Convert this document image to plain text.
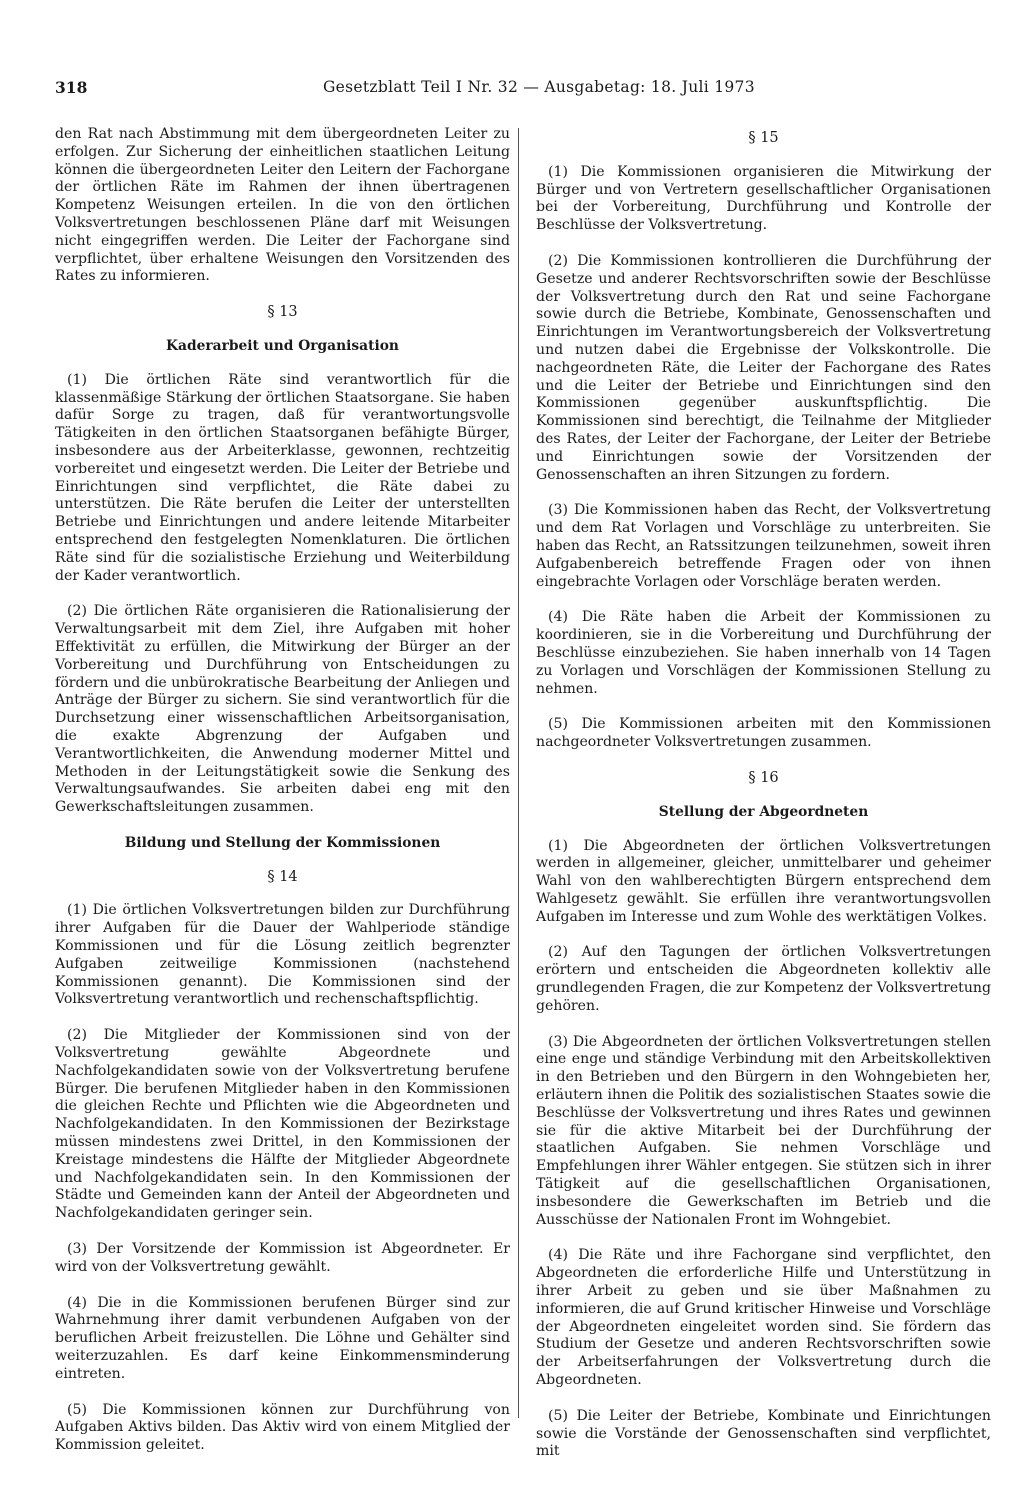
318	Gesetzblatt Teil I Nr. 32 — Ausgabetag: 18. Juli 1973

den Rat nach Abstimmung mit dem übergeordneten Leiter zu erfolgen. Zur Sicherung der einheitlichen staatlichen Leitung können die übergeordneten Leiter den Leitern der Fachorgane der örtlichen Räte im Rahmen der ihnen übertragenen Kompetenz Weisungen erteilen. In die von den örtlichen Volksvertretungen beschlossenen Pläne darf mit Weisungen nicht eingegriffen werden. Die Leiter der Fachorgane sind verpflichtet, über erhaltene Weisungen den Vorsitzenden des Rates zu informieren.

§ 13
Kaderarbeit und Organisation

(1) Die örtlichen Räte sind verantwortlich für die klassenmäßige Stärkung der örtlichen Staatsorgane. Sie haben dafür Sorge zu tragen, daß für verantwortungsvolle Tätigkeiten in den örtlichen Staatsorganen befähigte Bürger, insbesondere aus der Arbeiterklasse, gewonnen, rechtzeitig vorbereitet und eingesetzt werden. Die Leiter der Betriebe und Einrichtungen sind verpflichtet, die Räte dabei zu unterstützen. Die Räte berufen die Leiter der unterstellten Betriebe und Einrichtungen und andere leitende Mitarbeiter entsprechend den festgelegten Nomenklaturen. Die örtlichen Räte sind für die sozialistische Erziehung und Weiterbildung der Kader verantwortlich.

(2) Die örtlichen Räte organisieren die Rationalisierung der Verwaltungsarbeit mit dem Ziel, ihre Aufgaben mit hoher Effektivität zu erfüllen, die Mitwirkung der Bürger an der Vorbereitung und Durchführung von Entscheidungen zu fördern und die unbürokratische Bearbeitung der Anliegen und Anträge der Bürger zu sichern. Sie sind verantwortlich für die Durchsetzung einer wissenschaftlichen Arbeitsorganisation, die exakte Abgrenzung der Aufgaben und Verantwortlichkeiten, die Anwendung moderner Mittel und Methoden in der Leitungstätigkeit sowie die Senkung des Verwaltungsaufwandes. Sie arbeiten dabei eng mit den Gewerkschaftsleitungen zusammen.

Bildung und Stellung der Kommissionen
§ 14

(1) Die örtlichen Volksvertretungen bilden zur Durchführung ihrer Aufgaben für die Dauer der Wahlperiode ständige Kommissionen und für die Lösung zeitlich begrenzter Aufgaben zeitweilige Kommissionen (nachstehend Kommissionen genannt). Die Kommissionen sind der Volksvertretung verantwortlich und rechenschaftspflichtig.

(2) Die Mitglieder der Kommissionen sind von der Volksvertretung gewählte Abgeordnete und Nachfolgekandidaten sowie von der Volksvertretung berufene Bürger. Die berufenen Mitglieder haben in den Kommissionen die gleichen Rechte und Pflichten wie die Abgeordneten und Nachfolgekandidaten. In den Kommissionen der Bezirkstage müssen mindestens zwei Drittel, in den Kommissionen der Kreistage mindestens die Hälfte der Mitglieder Abgeordnete und Nachfolgekandidaten sein. In den Kommissionen der Städte und Gemeinden kann der Anteil der Abgeordneten und Nachfolgekandidaten geringer sein.

(3) Der Vorsitzende der Kommission ist Abgeordneter. Er wird von der Volksvertretung gewählt.

(4) Die in die Kommissionen berufenen Bürger sind zur Wahrnehmung ihrer damit verbundenen Aufgaben von der beruflichen Arbeit freizustellen. Die Löhne und Gehälter sind weiterzuzahlen. Es darf keine Einkommensminderung eintreten.

(5) Die Kommissionen können zur Durchführung von Aufgaben Aktivs bilden. Das Aktiv wird von einem Mitglied der Kommission geleitet.

§ 15

(1) Die Kommissionen organisieren die Mitwirkung der Bürger und von Vertretern gesellschaftlicher Organisationen bei der Vorbereitung, Durchführung und Kontrolle der Beschlüsse der Volksvertretung.

(2) Die Kommissionen kontrollieren die Durchführung der Gesetze und anderer Rechtsvorschriften sowie der Beschlüsse der Volksvertretung durch den Rat und seine Fachorgane sowie durch die Betriebe, Kombinate, Genossenschaften und Einrichtungen im Verantwortungsbereich der Volksvertretung und nutzen dabei die Ergebnisse der Volkskontrolle. Die nachgeordneten Räte, die Leiter der Fachorgane des Rates und die Leiter der Betriebe und Einrichtungen sind den Kommissionen gegenüber auskunftspflichtig. Die Kommissionen sind berechtigt, die Teilnahme der Mitglieder des Rates, der Leiter der Fachorgane, der Leiter der Betriebe und Einrichtungen sowie der Vorsitzenden der Genossenschaften an ihren Sitzungen zu fordern.

(3) Die Kommissionen haben das Recht, der Volksvertretung und dem Rat Vorlagen und Vorschläge zu unterbreiten. Sie haben das Recht, an Ratssitzungen teilzunehmen, soweit ihren Aufgabenbereich betreffende Fragen oder von ihnen eingebrachte Vorlagen oder Vorschläge beraten werden.

(4) Die Räte haben die Arbeit der Kommissionen zu koordinieren, sie in die Vorbereitung und Durchführung der Beschlüsse einzubeziehen. Sie haben innerhalb von 14 Tagen zu Vorlagen und Vorschlägen der Kommissionen Stellung zu nehmen.

(5) Die Kommissionen arbeiten mit den Kommissionen nachgeordneter Volksvertretungen zusammen.

§ 16
Stellung der Abgeordneten

(1) Die Abgeordneten der örtlichen Volksvertretungen werden in allgemeiner, gleicher, unmittelbarer und geheimer Wahl von den wahlberechtigten Bürgern entsprechend dem Wahlgesetz gewählt. Sie erfüllen ihre verantwortungsvollen Aufgaben im Interesse und zum Wohle des werktätigen Volkes.

(2) Auf den Tagungen der örtlichen Volksvertretungen erörtern und entscheiden die Abgeordneten kollektiv alle grundlegenden Fragen, die zur Kompetenz der Volksvertretung gehören.

(3) Die Abgeordneten der örtlichen Volksvertretungen stellen eine enge und ständige Verbindung mit den Arbeitskollektiven in den Betrieben und den Bürgern in den Wohngebieten her, erläutern ihnen die Politik des sozialistischen Staates sowie die Beschlüsse der Volksvertretung und ihres Rates und gewinnen sie für die aktive Mitarbeit bei der Durchführung der staatlichen Aufgaben. Sie nehmen Vorschläge und Empfehlungen ihrer Wähler entgegen. Sie stützen sich in ihrer Tätigkeit auf die gesellschaftlichen Organisationen, insbesondere die Gewerkschaften im Betrieb und die Ausschüsse der Nationalen Front im Wohngebiet.

(4) Die Räte und ihre Fachorgane sind verpflichtet, den Abgeordneten die erforderliche Hilfe und Unterstützung in ihrer Arbeit zu geben und sie über Maßnahmen zu informieren, die auf Grund kritischer Hinweise und Vorschläge der Abgeordneten eingeleitet worden sind. Sie fördern das Studium der Gesetze und anderen Rechtsvorschriften sowie der Arbeitserfahrungen der Volksvertretung durch die Abgeordneten.

(5) Die Leiter der Betriebe, Kombinate und Einrichtungen sowie die Vorstände der Genossenschaften sind verpflichtet, mit
